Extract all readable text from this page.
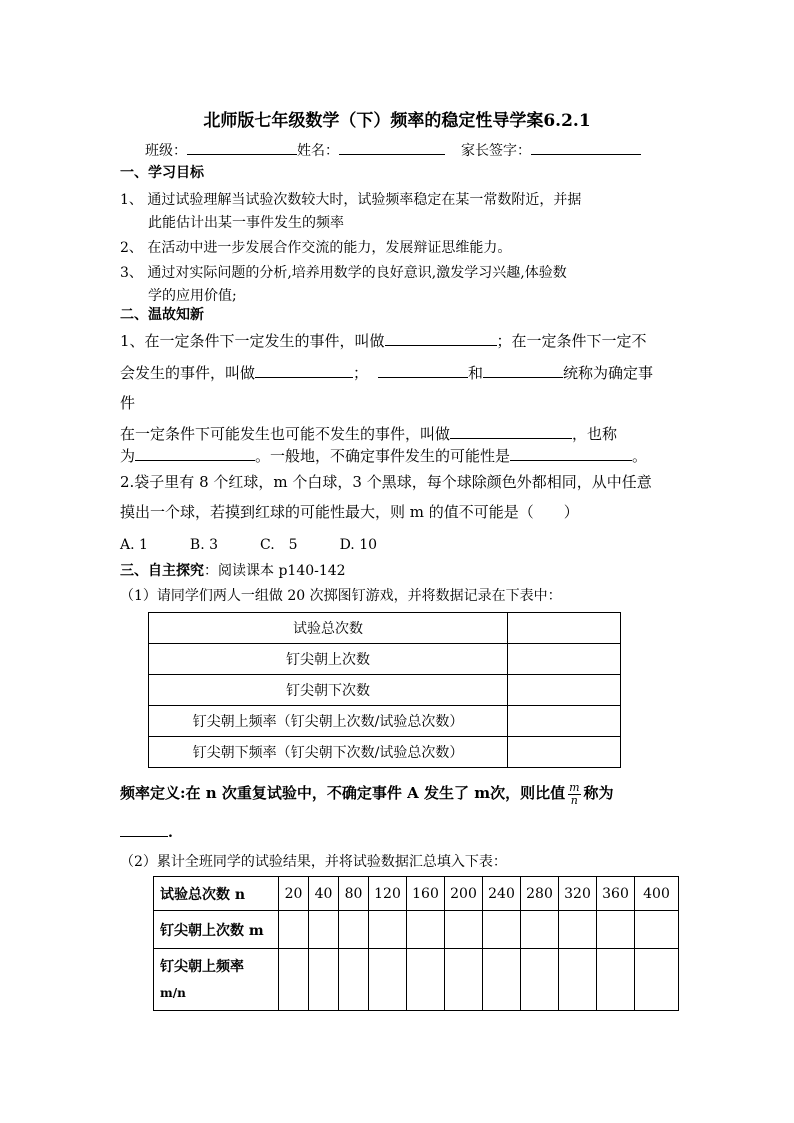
北师版七年级数学（下）频率的稳定性导学案6.2.1
班级：	姓名：	家长签字：
一、学习目标
1、 通过试验理解当试验次数较大时，试验频率稳定在某一常数附近，并据
此能估计出某一事件发生的频率
2、 在活动中进一步发展合作交流的能力，发展辩证思维能力。
3、 通过对实际问题的分析,培养用数学的良好意识,激发学习兴趣,体验数
学的应用价值;
二、温故知新
1、在一定条件下一定发生的事件，叫做	；在一定条件下一定不
会发生的事件，叫做	；	和	统称为确定事
件
在一定条件下可能发生也可能不发生的事件，叫做	，也称
为	。一般地，不确定事件发生的可能性是	。
2.袋子里有 8 个红球，m 个白球，3 个黑球，每个球除颜色外都相同，从中任意
摸出一个球，若摸到红球的可能性最大，则 m 的值不可能是（　　）
A. 1　　　B. 3　　　C.　5　　　D. 10
三、自主探究：阅读课本 p140-142
（1）请同学们两人一组做 20 次掷图钉游戏，并将数据记录在下表中：
试验总次数	
钉尖朝上次数	
钉尖朝下次数	
钉尖朝上频率（钉尖朝上次数/试验总次数）	
钉尖朝下频率（钉尖朝下次数/试验总次数）	
频率定义:在 n 次重复试验中，不确定事件 A 发生了 m次，则比值 $\frac{m}{n}$ 称为
.
（2）累计全班同学的试验结果，并将试验数据汇总填入下表：
试验总次数 n	20	40	80	120	160	200	240	280	320	360	400
钉尖朝上次数 m											
钉尖朝上频率
m/n											
